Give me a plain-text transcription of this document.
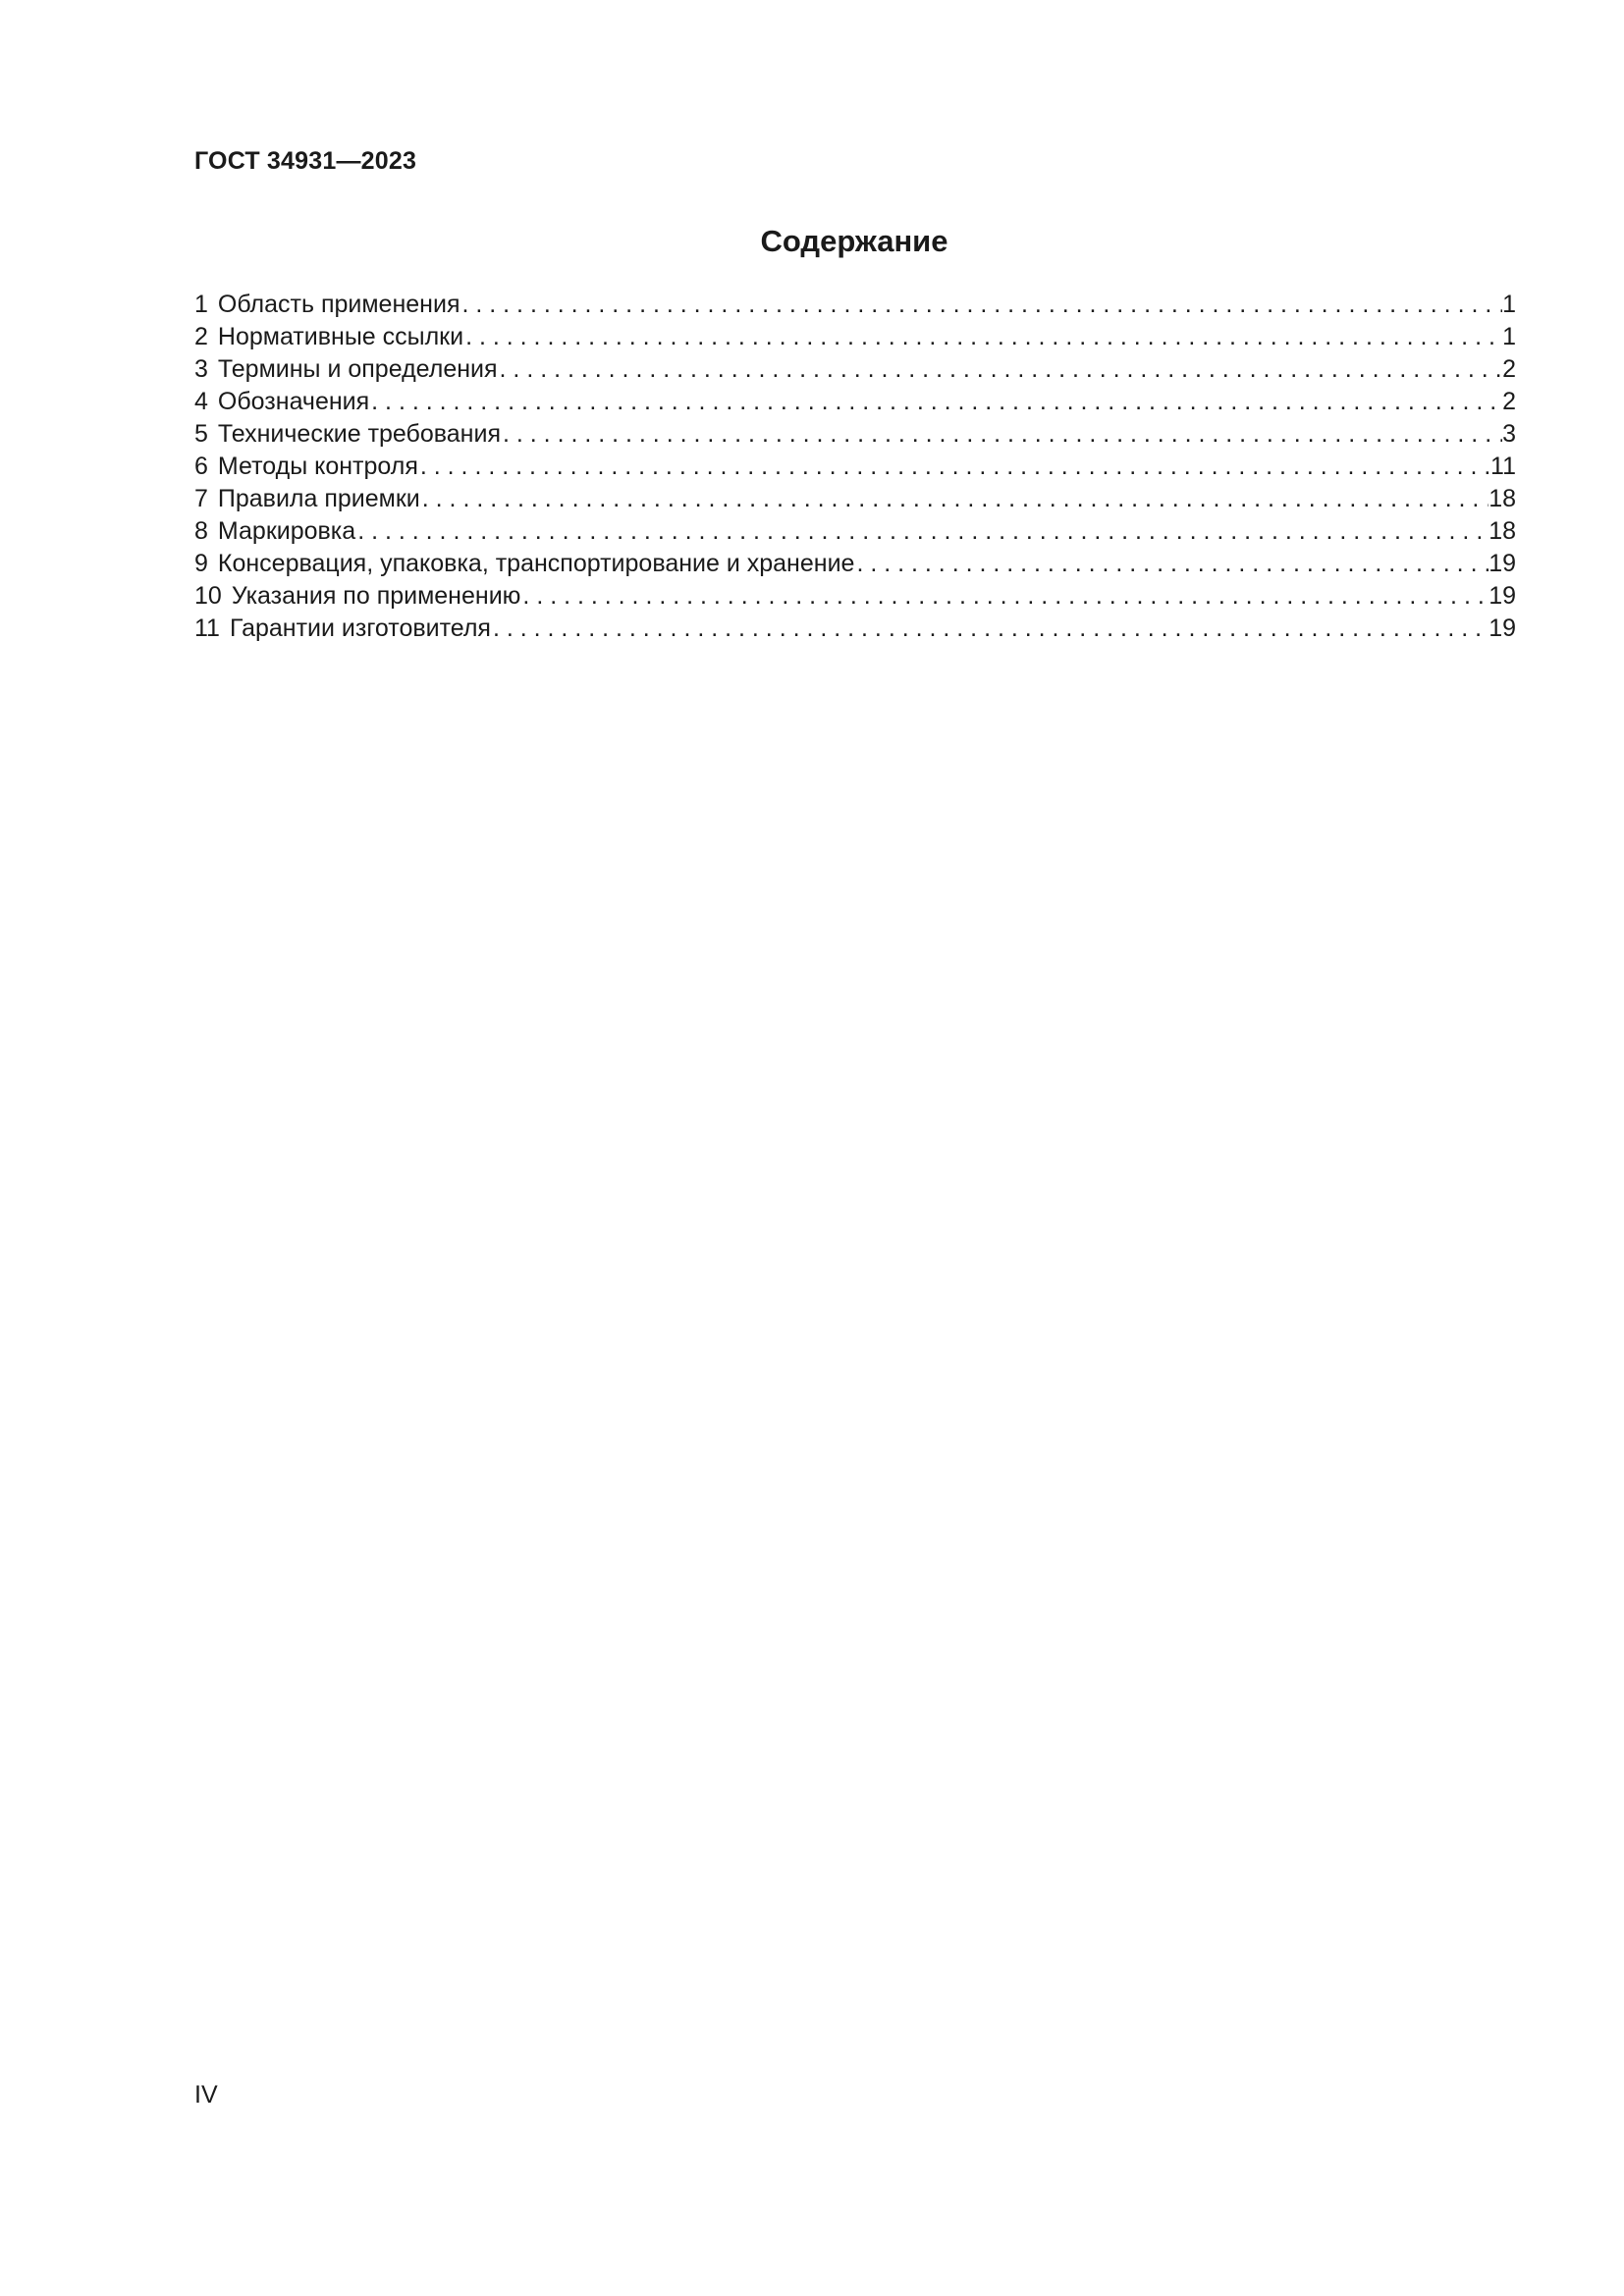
ГОСТ 34931—2023
Содержание
1 Область применения . . .	1
2 Нормативные ссылки . . .	1
3 Термины и определения . . .	2
4 Обозначения . . .	2
5 Технические требования . . .	3
6 Методы контроля . . .	11
7 Правила приемки . . .	18
8 Маркировка . . .	18
9 Консервация, упаковка, транспортирование и хранение . . .	19
10 Указания по применению . . .	19
11 Гарантии изготовителя . . .	19
IV
